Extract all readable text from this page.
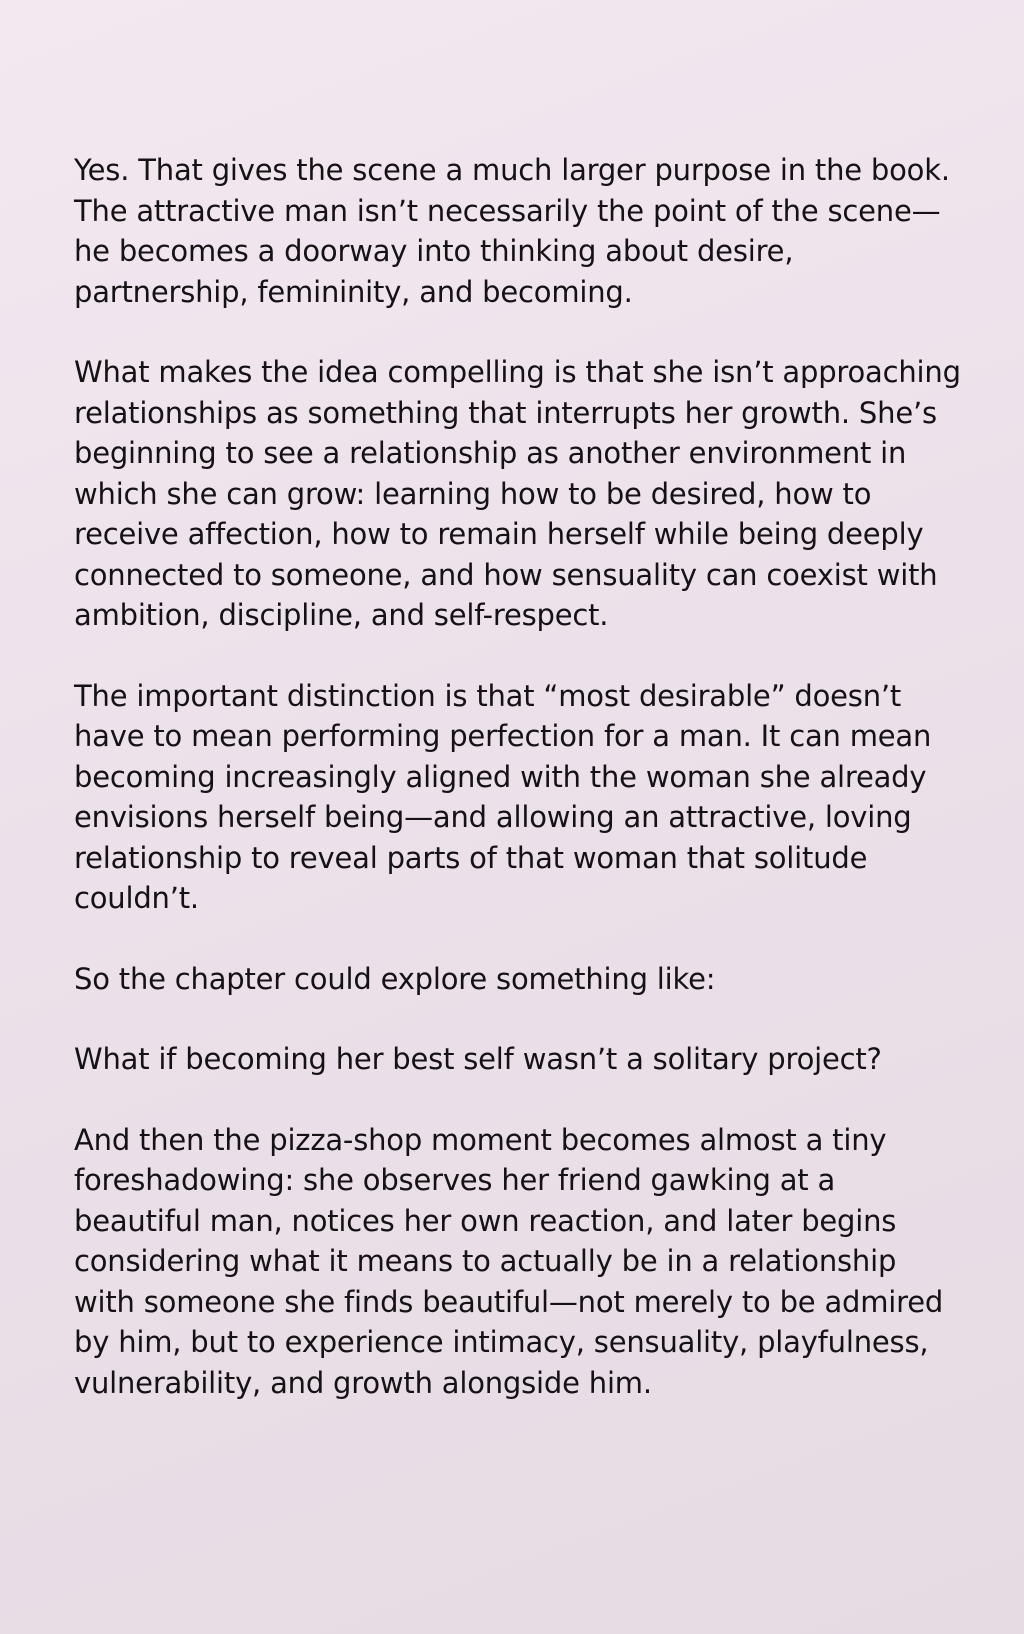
Yes. That gives the scene a much larger purpose in the book. The attractive man isn’t necessarily the point of the scene—he becomes a doorway into thinking about desire, partnership, femininity, and becoming.

What makes the idea compelling is that she isn’t approaching relationships as something that interrupts her growth. She’s beginning to see a relationship as another environment in which she can grow: learning how to be desired, how to receive affection, how to remain herself while being deeply connected to someone, and how sensuality can coexist with ambition, discipline, and self-respect.

The important distinction is that “most desirable” doesn’t have to mean performing perfection for a man. It can mean becoming increasingly aligned with the woman she already envisions herself being—and allowing an attractive, loving relationship to reveal parts of that woman that solitude couldn’t.

So the chapter could explore something like:

What if becoming her best self wasn’t a solitary project?

And then the pizza-shop moment becomes almost a tiny foreshadowing: she observes her friend gawking at a beautiful man, notices her own reaction, and later begins considering what it means to actually be in a relationship with someone she finds beautiful—not merely to be admired by him, but to experience intimacy, sensuality, playfulness, vulnerability, and growth alongside him.
